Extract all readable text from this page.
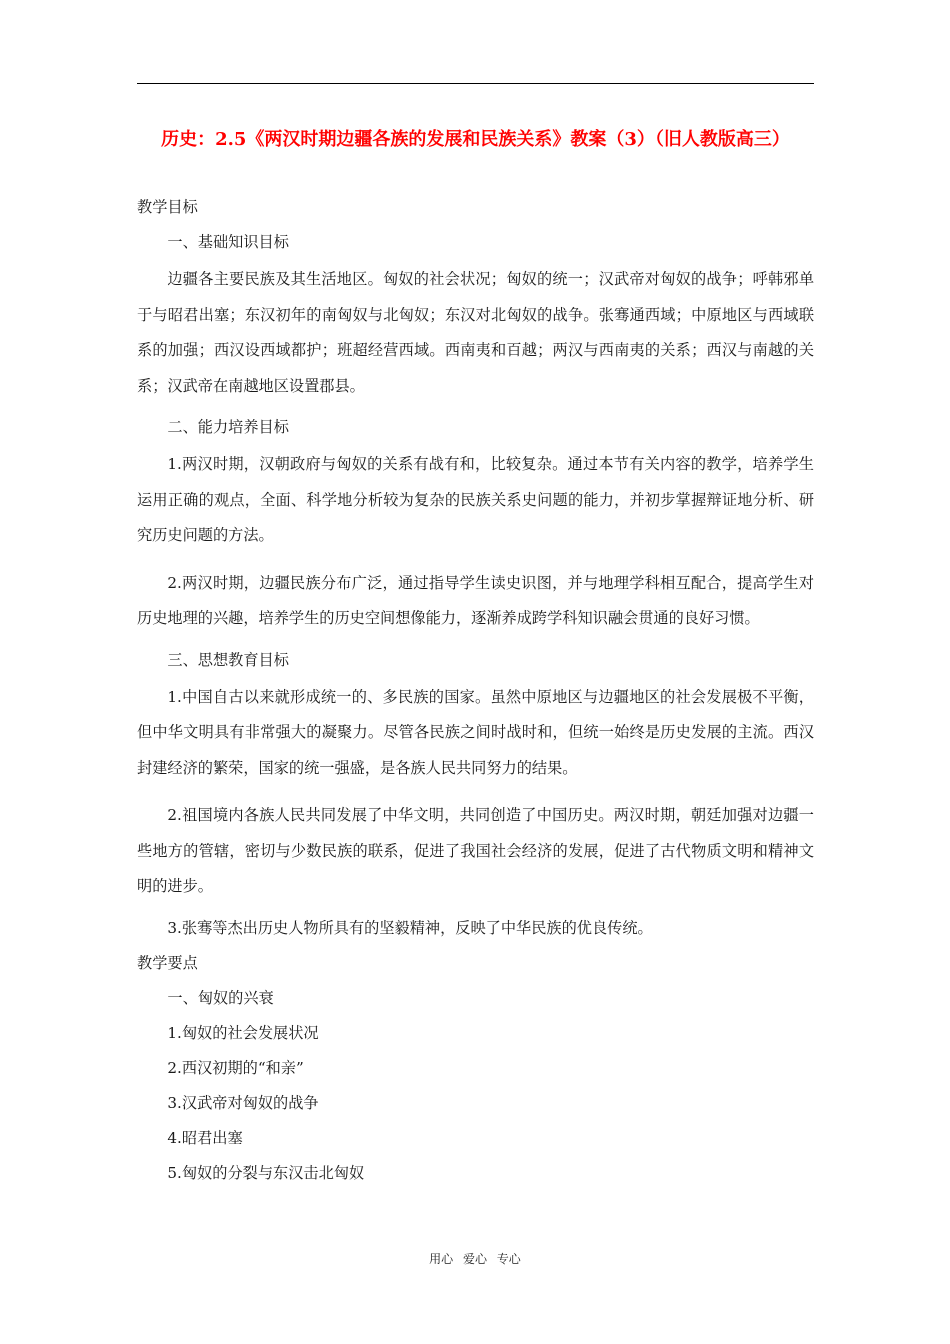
历史：2.5《两汉时期边疆各族的发展和民族关系》教案（3）（旧人教版高三）

教学目标

一、基础知识目标

边疆各主要民族及其生活地区。匈奴的社会状况；匈奴的统一；汉武帝对匈奴的战争；呼韩邪单于与昭君出塞；东汉初年的南匈奴与北匈奴；东汉对北匈奴的战争。张骞通西域；中原地区与西域联系的加强；西汉设西域都护；班超经营西域。西南夷和百越；两汉与西南夷的关系；西汉与南越的关系；汉武帝在南越地区设置郡县。

二、能力培养目标

1.两汉时期，汉朝政府与匈奴的关系有战有和，比较复杂。通过本节有关内容的教学，培养学生运用正确的观点，全面、科学地分析较为复杂的民族关系史问题的能力，并初步掌握辩证地分析、研究历史问题的方法。

2.两汉时期，边疆民族分布广泛，通过指导学生读史识图，并与地理学科相互配合，提高学生对历史地理的兴趣，培养学生的历史空间想像能力，逐渐养成跨学科知识融会贯通的良好习惯。

三、思想教育目标

1.中国自古以来就形成统一的、多民族的国家。虽然中原地区与边疆地区的社会发展极不平衡，但中华文明具有非常强大的凝聚力。尽管各民族之间时战时和，但统一始终是历史发展的主流。西汉封建经济的繁荣，国家的统一强盛，是各族人民共同努力的结果。

2.祖国境内各族人民共同发展了中华文明，共同创造了中国历史。两汉时期，朝廷加强对边疆一些地方的管辖，密切与少数民族的联系，促进了我国社会经济的发展，促进了古代物质文明和精神文明的进步。

3.张骞等杰出历史人物所具有的坚毅精神，反映了中华民族的优良传统。

教学要点

一、匈奴的兴衰

1.匈奴的社会发展状况

2.西汉初期的“和亲”

3.汉武帝对匈奴的战争

4.昭君出塞

5.匈奴的分裂与东汉击北匈奴

用心 爱心 专心
